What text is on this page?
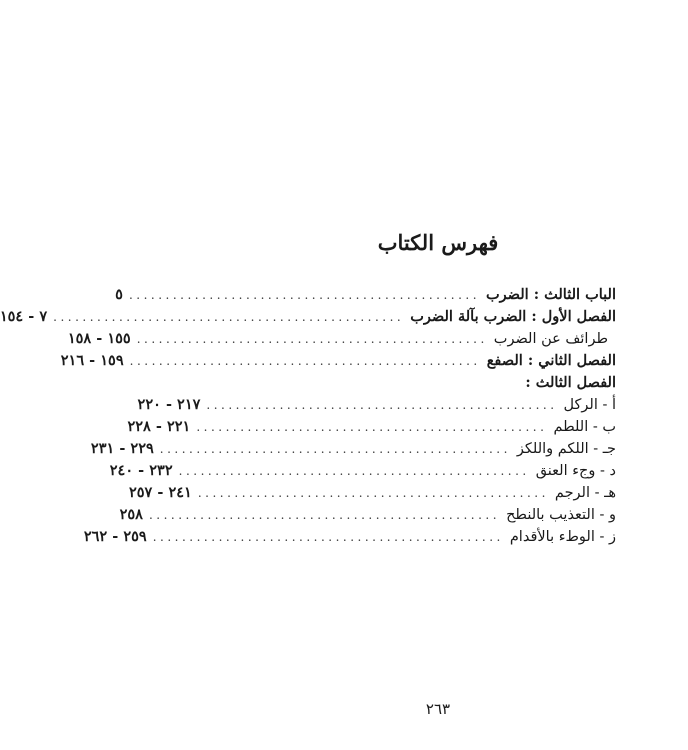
فهرس الكتاب
الباب الثالث : الضرب
................................................
٥
الفصل الأول : الضرب بآلة الضرب
................................................
٧ - ١٥٤
طرائف عن الضرب
................................................
١٥٥ - ١٥٨
الفصل الثاني : الصفع
................................................
١٥٩ - ٢١٦
الفصل الثالث :
أ - الركل
................................................
٢١٧ - ٢٢٠
ب - اللطم
................................................
٢٢١ - ٢٢٨
جـ - اللكم واللكز
................................................
٢٢٩ - ٢٣١
د - وجء العنق
................................................
٢٣٢ - ٢٤٠
هـ - الرجم
................................................
٢٤١ - ٢٥٧
و - التعذيب بالنطح
................................................
٢٥٨
ز - الوطء بالأقدام
................................................
٢٥٩ - ٢٦٢

٢٦٣
